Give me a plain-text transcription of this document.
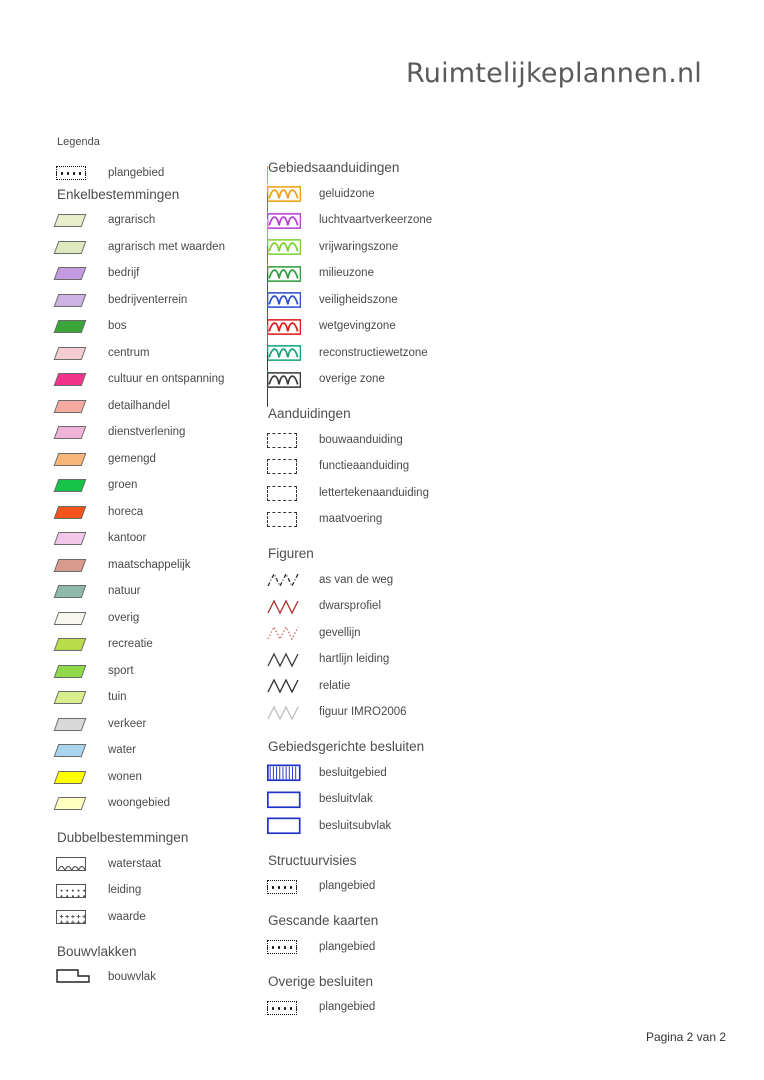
Ruimtelijkeplannen.nl
Legenda
plangebied
Enkelbestemmingen
agrarisch
agrarisch met waarden
bedrijf
bedrijventerrein
bos
centrum
cultuur en ontspanning
detailhandel
dienstverlening
gemengd
groen
horeca
kantoor
maatschappelijk
natuur
overig
recreatie
sport
tuin
verkeer
water
wonen
woongebied
Dubbelbestemmingen
waterstaat
leiding
waarde
Bouwvlakken
bouwvlak
Gebiedsaanduidingen
geluidzone
luchtvaartverkeerzone
vrijwaringszone
milieuzone
veiligheidszone
wetgevingzone
reconstructiewetzone
overige zone
Aanduidingen
bouwaanduiding
functieaanduiding
lettertekenaanduiding
maatvoering
Figuren
as van de weg
dwarsprofiel
gevellijn
hartlijn leiding
relatie
figuur IMRO2006
Gebiedsgerichte besluiten
besluitgebied
besluitvlak
besluitsubvlak
Structuurvisies
plangebied
Gescande kaarten
plangebied
Overige besluiten
plangebied
Pagina 2 van 2
